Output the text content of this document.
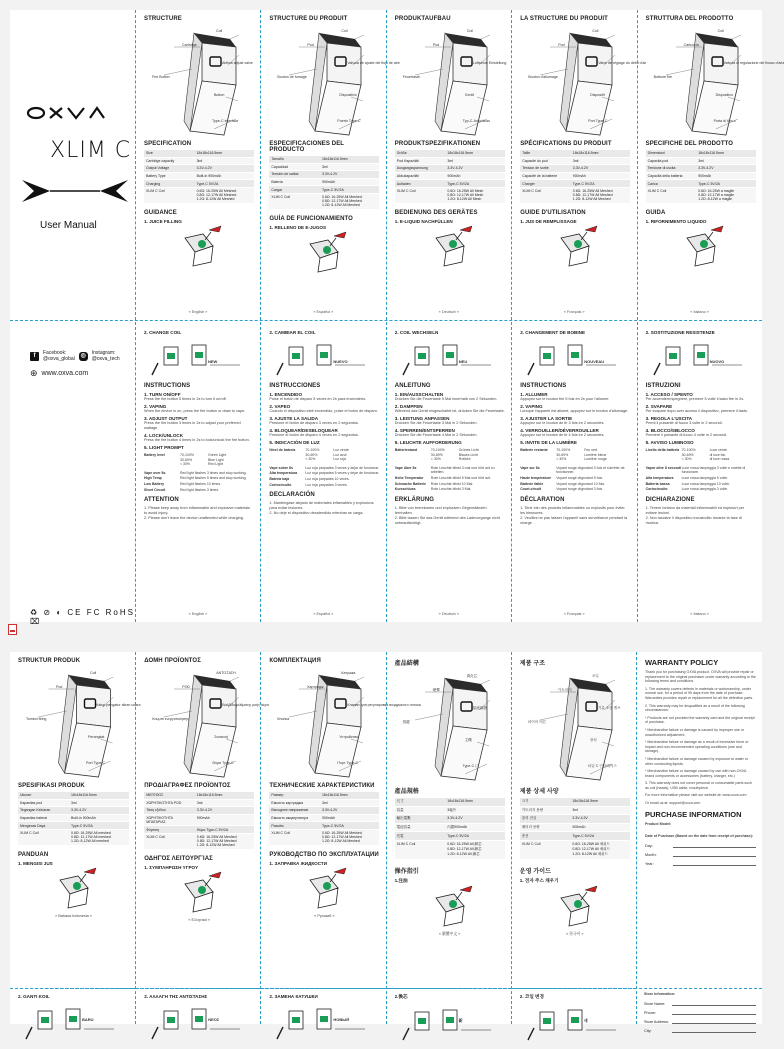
XLIM C
User Manual
f	Facebook:
@oxva_global
◎	Instagram:
@oxva_tech
⊕ www.oxva.com
♻ ⊘ ◐ CE FC RoHS ⌧
STRUCTURE
Coil
Cartridge
Fire Button
Airflow adjust valve
Button
Type-C interface
SPECIFICATION
Size	18x18x116.5mm
Cartridge capacity	3ml
Output Voltage	3.3V-4.2V
Battery Type	Built-in 900mAh
Charging	Type-C 5V/2A
XLIM C Coil	0.6Ω: 16-25W All Meshed
0.8Ω: 12-17W All Meshed
1.2Ω: 8-12W All Meshed
GUIDANCE
1. JUICE FILLING
« English »
2. CHANGE COIL
NEW
INSTRUCTIONS
1. TURN ON/OFF
Press the fire button 5 times in 2s to turn it on/off.
2. VAPING
When the device is on, press the fire button or draw to vape.
3. ADJUST OUTPUT
Press the fire button 3 times in 2s to adjust your preferred wattage.
4. LOCK/UNLOCK
Press the fire button 4 times in 2s to lock/unlock the fire button.
5. LIGHT PROMPT
Battery level	70-100%	Green Light
30-69%	Blue Light
< 30%	Red Light
Vape over 8s	Red light flashes 3 times and stop working.
High Temp	Red light flashes 5 times and stop working.
Low Battery	Red light flashes 10 times.
Short Circuit	Red light flashes 3 times.
ATTENTION
1. Please keep away from inflammable and explosive materials to avoid injury.
2. Please don't leave the device unattended while charging.
« English »
STRUCTURE DU PRODUIT
Coil
Pod
Bouton de fumage
Valvula de ajuste del flujo de aire
Dispositivo
Puerto Type-C
ESPECIFICACIONES DEL PRODUCTO
Tamaño	18x18x116.5mm
Capacidad	3ml
Tensión de salida	3.3V-4.2V
Batería	900mAh
Cargar	Type-C 5V/2A
XLIM C Coil	0.6Ω: 16-25W All Meshed
0.8Ω: 12-17W All Meshed
1.2Ω: 8-12W All Meshed
GUÍA DE FUNCIONAMIENTO
1. RELLENO DE E-JUGOS
« Español »
2. CAMBIAR EL COIL
NUEVO
INSTRUCCIONES
1. ENCENDIDO
Pulse el botón de disparo 5 veces en 2s para encenderlo.
2. VAPEO
Cuando el dispositivo esté encendido, pulse el botón de disparo.
3. AJUSTE LA SALIDA
Presione el botón de disparo 3 veces en 2 segundos.
4. BLOQUEAR/DESBLOQUEAR
Presione el botón de disparo 4 veces en 2 segundos.
5. INDICACIÓN DE LUZ
Nivel de batería	70-100%	Luz verde
30-69%	Luz azul
< 30%	Luz roja
Vape sobre 8s	Luz roja parpadea 3 veces y dejar de funcionar.
Alta temperatura	Luz roja parpadea 5 veces y dejar de funcionar.
Batería baja	Luz roja parpadea 10 veces.
Cortocircuito	Luz roja parpadea 3 veces.
DECLARACIÓN
1. Manténgase alejado de materiales inflamables y explosivos para evitar lesiones.
2. No deje el dispositivo desatendido mientras se carga.
« Español »
PRODUKTAUFBAU
Coil
Pod
Feuertaste
Luftstrom Einstellung
Gerät
Typ-C-Anschluss
PRODUKTSPEZIFIKATIONEN
Größe	18x18x116.5mm
Pod Kapazität	3ml
Ausgangsspannung	3.3V-4.2V
Akkukapazität	900mAh
Aufladen	Type-C 5V/2A
XLIM C Coil	0.6Ω: 16-25W All Mesh
0.8Ω: 12-17W All Mesh
1.2Ω: 8-12W All Mesh
BEDIENUNG DES GERÄTES
1. E-LIQUID NACHFÜLLEN
« Deutsch »
2. COIL WECHSELN
NEU
ANLEITUNG
1. EIN/AUSSCHALTEN
Drücken Sie die Feuertaste 5 Mal innerhalb von 2 Sekunden.
2. DAMPFEN
Während das Gerät eingeschaltet ist, drücken Sie die Feuertaste.
3. LEISTUNG ANPASSEN
Drücken Sie die Feuertaste 3 Mal in 2 Sekunden.
4. SPERREN/ENTSPERREN
Drücken Sie die Feuertaste 4 Mal in 2 Sekunden.
5. LEUCHTE AUFFORDERUNG
Batteriestand	70-100%	Grünes Licht
30-69%	Blaues Licht
< 30%	Rotlicht
Vape über 8s	Rote Leuchte blinkt 3 mal und hört auf zu arbeiten.
Hohe Temperatur	Rote Leuchte blinkt 5 Mal und hört auf.
Schwache Batterie	Rote Leuchte blinkt 10 Mal.
Kurzschluss	Rote Leuchte blinkt 3 Mal.
ERKLÄRUNG
1. Bitte von brennbaren und explosiven Gegenständen fernhalten.
2. Bitte lassen Sie das Gerät während des Ladevorgangs nicht unbeaufsichtigt.
« Deutsch »
LA STRUCTURE DU PRODUIT
Coil
Pod
Bouton d'allumage
Valve de réglage du débit d'air
Dispositif
Port Type-C
SPÉCIFICATIONS DU PRODUIT
Taille	18x18x116.5mm
Capacité du pod	3ml
Tension de sortie	3.3V-4.2V
Capacité de la batterie	900mAh
Charger	Type-C 5V/2A
XLIM C Coil	0.6Ω: 16-25W All Meshed
0.8Ω: 12-17W All Meshed
1.2Ω: 8-12W All Meshed
GUIDE D'UTILISATION
1. JUS DE REMPLISSAGE
« Français »
2. CHANGEMENT DE BOBINE
NOUVEAU
INSTRUCTIONS
1. ALLUMER
Appuyez sur le bouton fire 5 fois en 2s pour l'allumer.
2. VAPING
Lorsque l'appareil est allumé, appuyez sur le bouton d'allumage.
3. AJUSTER LA SORTIE
Appuyez sur le bouton de tir 3 fois en 2 secondes.
4. VERROUILLER/DÉVERROUILLER
Appuyez sur le bouton de tir 4 fois en 2 secondes.
5. INVITE DE LA LUMIÈRE
Batterie restante	70-100%	Feu vert
30-69%	Lumière bleue
< 30%	Lumière rouge
Vape sur 8s	Voyant rouge clignotant 3 fois et s'arrêter de fonctionner.
Haute température	Voyant rouge clignotant 5 fois.
Batterie faible	Voyant rouge clignotant 10 fois.
Court-circuit	Voyant rouge clignotant 3 fois.
DÉCLARATION
1. Tenir loin des produits inflammables ou explosifs pour éviter les blessures.
2. Veuillez ne pas laisser l'appareil sans surveillance pendant la charge.
« Français »
STRUTTURA DEL PRODOTTO
Coil
Cartuccia
Bottone fire
Valvola di regolazione del flusso d'aria
Dispositivo
Porta di tipo-c
SPECIFICHE DEL PRODOTTO
Dimensioni	18x18x116.5mm
Capacità pod	3ml
Tensione di uscita	3.3V-4.2V
Capacità della batteria	900mAh
Carica	Type-C 5V/2A
XLIM C Coil	0.6Ω: 16-25W a maglie
0.8Ω: 12-17W a maglie
1.2Ω: 8-12W a maglie
GUIDA
1. RIFORNIMENTO LIQUIDO
« Italiano »
2. SOSTITUZIONE RESISTENZE
NUOVO
ISTRUZIONI
1. ACCESO / SPENTO
Per accendere/spegnere, premere 5 volte il tasto fire in 2s.
2. SVAPARE
Per svapare dopo aver acceso il dispositivo, premere il tasto.
3. REGOLA L'USCITA
Premi il pulsante di fuoco 3 volte in 2 secondi.
4. BLOCCO/SBLOCCO
Premere il pulsante di fuoco 4 volte in 2 secondi.
5. AVVISO LUMINOSO
Livello della batteria 70-100%	Luce verde
30-69%	di luce blu
< 30%	di luce rossa
Vapor oltre 8 secondi Luce rossa lampeggia 3 volte e smette di funzionare.
Alta temperatura	Luce rossa lampeggia 5 volte.
Batteria bassa	Luce rossa lampeggia 10 volte.
Cortocircuito	Luce rossa lampeggia 3 volte.
DICHIARAZIONE
1. Tenere lontano da materiali infiammabili ed esplosivi per evitare lesioni.
2. Non lasciare il dispositivo incustodito durante la fase di ricarica.
« Italiano »
STRUKTUR PRODUK
Coil
Pod
Tombol firing
Katup pengatur aliran udara
Perangkat
Port Type-C
SPESIFIKASI PRODUK
Ukuran	18x18x116.5mm
Kapasitas pod	3ml
Tegangan Keluaran	3.3V-4.2V
Kapasitas baterai	Built-in 900mAh
Mengecas Daya	Type-C 5V/2A
XLIM C Coil	0.6Ω: 16-25W All meshed
0.8Ω: 12-17W All meshed
1.2Ω: 8-12W All meshed
PANDUAN
1. MENGISI JUS
« Bahasa Indonesia »
2. GANTI KOIL
BARU
ΔΟΜΗ ΠΡΟΪΟΝΤΟΣ
ΑΝΤΙΣΤΑΣΗ
POD
Κουμπί ενεργοποίησης
Βαλβίδα ρύθμισης ροής αέρα
Συσκευή
Θύρα Type-C
ΠΡΟΔΙΑΓΡΑΦΕΣ ΠΡΟΪΟΝΤΟΣ
ΜΕΓΕΘΟΣ	18x18x116.5mm
ΧΩΡΗΤΙΚΟΤΗΤΑ POD	3ml
Τάση εξόδου	3.3V-4.2V
ΧΩΡΗΤΙΚΟΤΗΤΑ ΜΠΑΤΑΡΙΑΣ	900mAh
Φόρτιση	Θύρα Type-C 5V/2A
XLIM C Coil	0.6Ω: 16-25W All Meshed
0.8Ω: 12-17W All Meshed
1.2Ω: 8-12W All Meshed
ΟΔΗΓΌΣ ΛΕΙΤΟΥΡΓΊΑΣ
1. ΣΥΜΠΛΗΡΩΣΗ ΥΓΡΟΥ
« Ελληνικά »
2. ΑΛΛΑΓΗ ΤΗΣ ΑΝΤΙΣΤΑΣΗΣ
ΝΕΟΣ
КОМПЛЕКТАЦИЯ
Катушка
Картридж
Кнопка
Клапан для регулировки воздушного потока
Устройство
Порт Type-C
ТЕХНИЧЕСКИЕ ХАРАКТЕРИСТИКИ
Размер	18x18x116.5mm
Емкость картриджа	3ml
Выходное напряжение	3.3V-4.2V
Емкость аккумулятора	900mAh
Разъём	Type-C 5V/2A
XLIM C Coil	0.6Ω: 16-25W All Meshed
0.8Ω: 12-17W All Meshed
1.2Ω: 8-12W All Meshed
РУКОВОДСТВО ПО ЭКСПЛУАТАЦИИ
1. ЗАПРАВКА ЖИДКОСТИ
« Русский »
2. ЗАМЕНА КАТУШКИ
НОВЫЙ
產品結構
霧化芯
煙彈
按鍵
氣流調節
主機
Type-C 口
產品規格
尺寸	18x18x116.5mm
容量	3毫升
輸出電壓	3.3V-4.2V
電池容量	內置900mAh
充電	Type-C 5V/2A
XLIM C Coil	0.6Ω: 16-25W All 網芯
0.8Ω: 12-17W All 網芯
1.2Ω: 8-12W All 網芯
操作指引
1.注油
« 繁體中文 »
2.換芯
新
제품 구조
코일
카트리지
파이어 버튼
기류 조절 밸브
장치
타입 C 인터페이스
제품 상세 사양
크기	18x18x116.5mm
카트리지 용량	3ml
출력 전압	3.3V-4.2V
배터리 용량	900mAh
충전	Type-C 5V/2A
XLIM C Coil	0.6Ω: 16-25W All 메쉬드
0.8Ω: 12-17W All 메쉬드
1.2Ω: 8-12W All 메쉬드
운영 가이드
1. 전자 주스 채우기
« 한국어 »
2. 코일 변경
새
WARRANTY POLICY
Thank you for purchasing OXVA product. OXVA will provide repair or replacement to the original purchaser under warranty according to the following terms and conditions.
1. The warranty covers defects in materials or workmanship, under normal use, for a period of 90 days from the date of purchase. Warranties provides repair or replacement for all the defective parts.
2. This warranty may be disqualified as a result of the following circumstances:
* Products are not provided the warranty card and the original receipt of purchase.
* Merchandise failure or damage is caused by improper use or unauthorized adjustment.
* Merchandise failure or damage as a result of excessive force or impact and non-recommended operating conditions (use and storage).
* Merchandise failure or damage caused by exposure to water or other conducting liquids.
* Merchandise failure or damage caused by use with non-OXVA brand components or accessories (battery, charger, etc.)
3. This warranty does not cover personal or consumable parts such as coil (heads), USB cable, mouthpiece.
For more information please visit our website at: www.oxva.com
Or email us at: support@oxva.com
PURCHASE INFORMATION
Product Model:
Date of Purchase (Based on the date from receipt of purchase):
Day:
Month:
Year:
Store Information:
Store Name:
Phone:
Store Address:
City:
